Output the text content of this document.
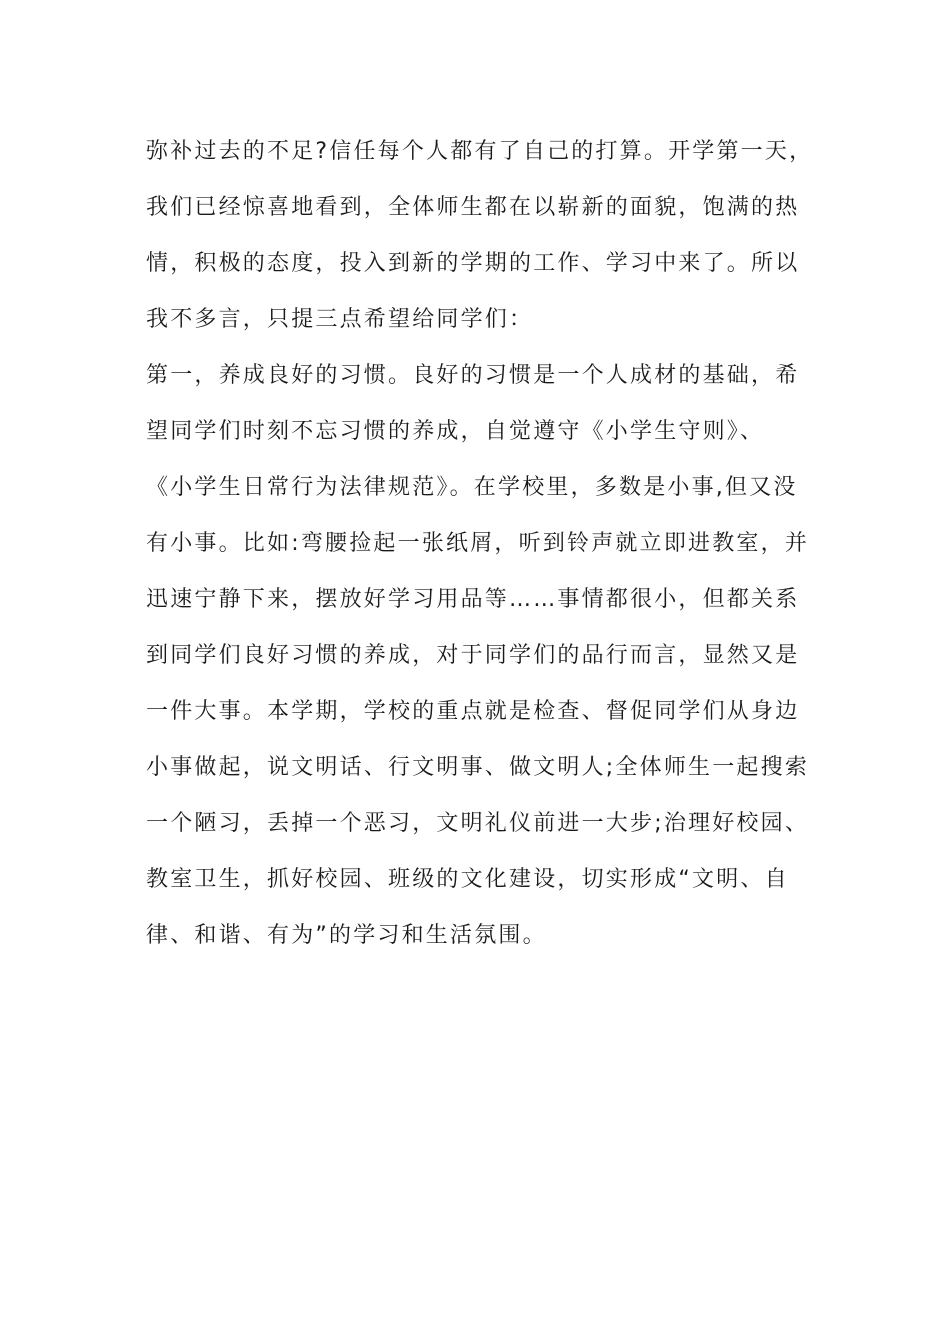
弥补过去的不足?信任每个人都有了自己的打算。开学第一天，
我们已经惊喜地看到，全体师生都在以崭新的面貌，饱满的热
情，积极的态度，投入到新的学期的工作、学习中来了。所以
我不多言，只提三点希望给同学们：
第一，养成良好的习惯。良好的习惯是一个人成材的基础，希
望同学们时刻不忘习惯的养成，自觉遵守《小学生守则》、
《小学生日常行为法律规范》。在学校里，多数是小事,但又没
有小事。比如:弯腰捡起一张纸屑，听到铃声就立即进教室，并
迅速宁静下来，摆放好学习用品等……事情都很小，但都关系
到同学们良好习惯的养成，对于同学们的品行而言，显然又是
一件大事。本学期，学校的重点就是检查、督促同学们从身边
小事做起，说文明话、行文明事、做文明人;全体师生一起搜索
一个陋习，丢掉一个恶习，文明礼仪前进一大步;治理好校园、
教室卫生，抓好校园、班级的文化建设，切实形成“文明、自
律、和谐、有为”的学习和生活氛围。
